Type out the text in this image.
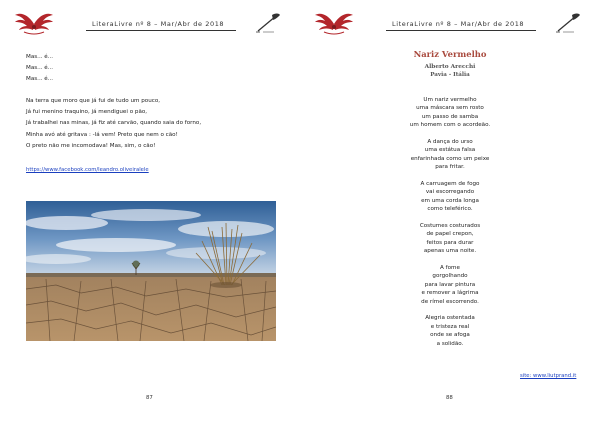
LiteraLivre nº 8 – Mar/Abr de 2018
Mas... é...
Mas... é...
Mas... é...
Na terra que moro que já fui de tudo um pouco,
Já fui menino traquino, já mendiguei o pão,
Já trabalhei nas minas, já fiz até carvão, quando saia do forno,
Minha avó até gritava : -lá vem! Preto que nem o cão!
O preto não me incomodava! Mas, sim, o cão!
https://www.facebook.com/leandro.oliveiralele
87
LiteraLivre nº 8 – Mar/Abr de 2018
Nariz Vermelho
Alberto Arecchi
Pavia - Itália
Um nariz vermelho
uma máscara sem rosto
um passo de samba
um homem com o acordeão.
A dança do urso
uma estátua falsa
enfarinhada como um peixe
para fritar.
A carruagem de fogo
vai escorregando
em uma corda longa
como teleférico.
Costumes costurados
de papel crepon,
feitos para durar
apenas uma noite.
A fome
gorgolhando
para lavar pintura
e remover a lágrima
de rímel escorrendo.
Alegria ostentada
e tristeza real
onde se afoga
a solidão.
site: www.liutprand.it
88
